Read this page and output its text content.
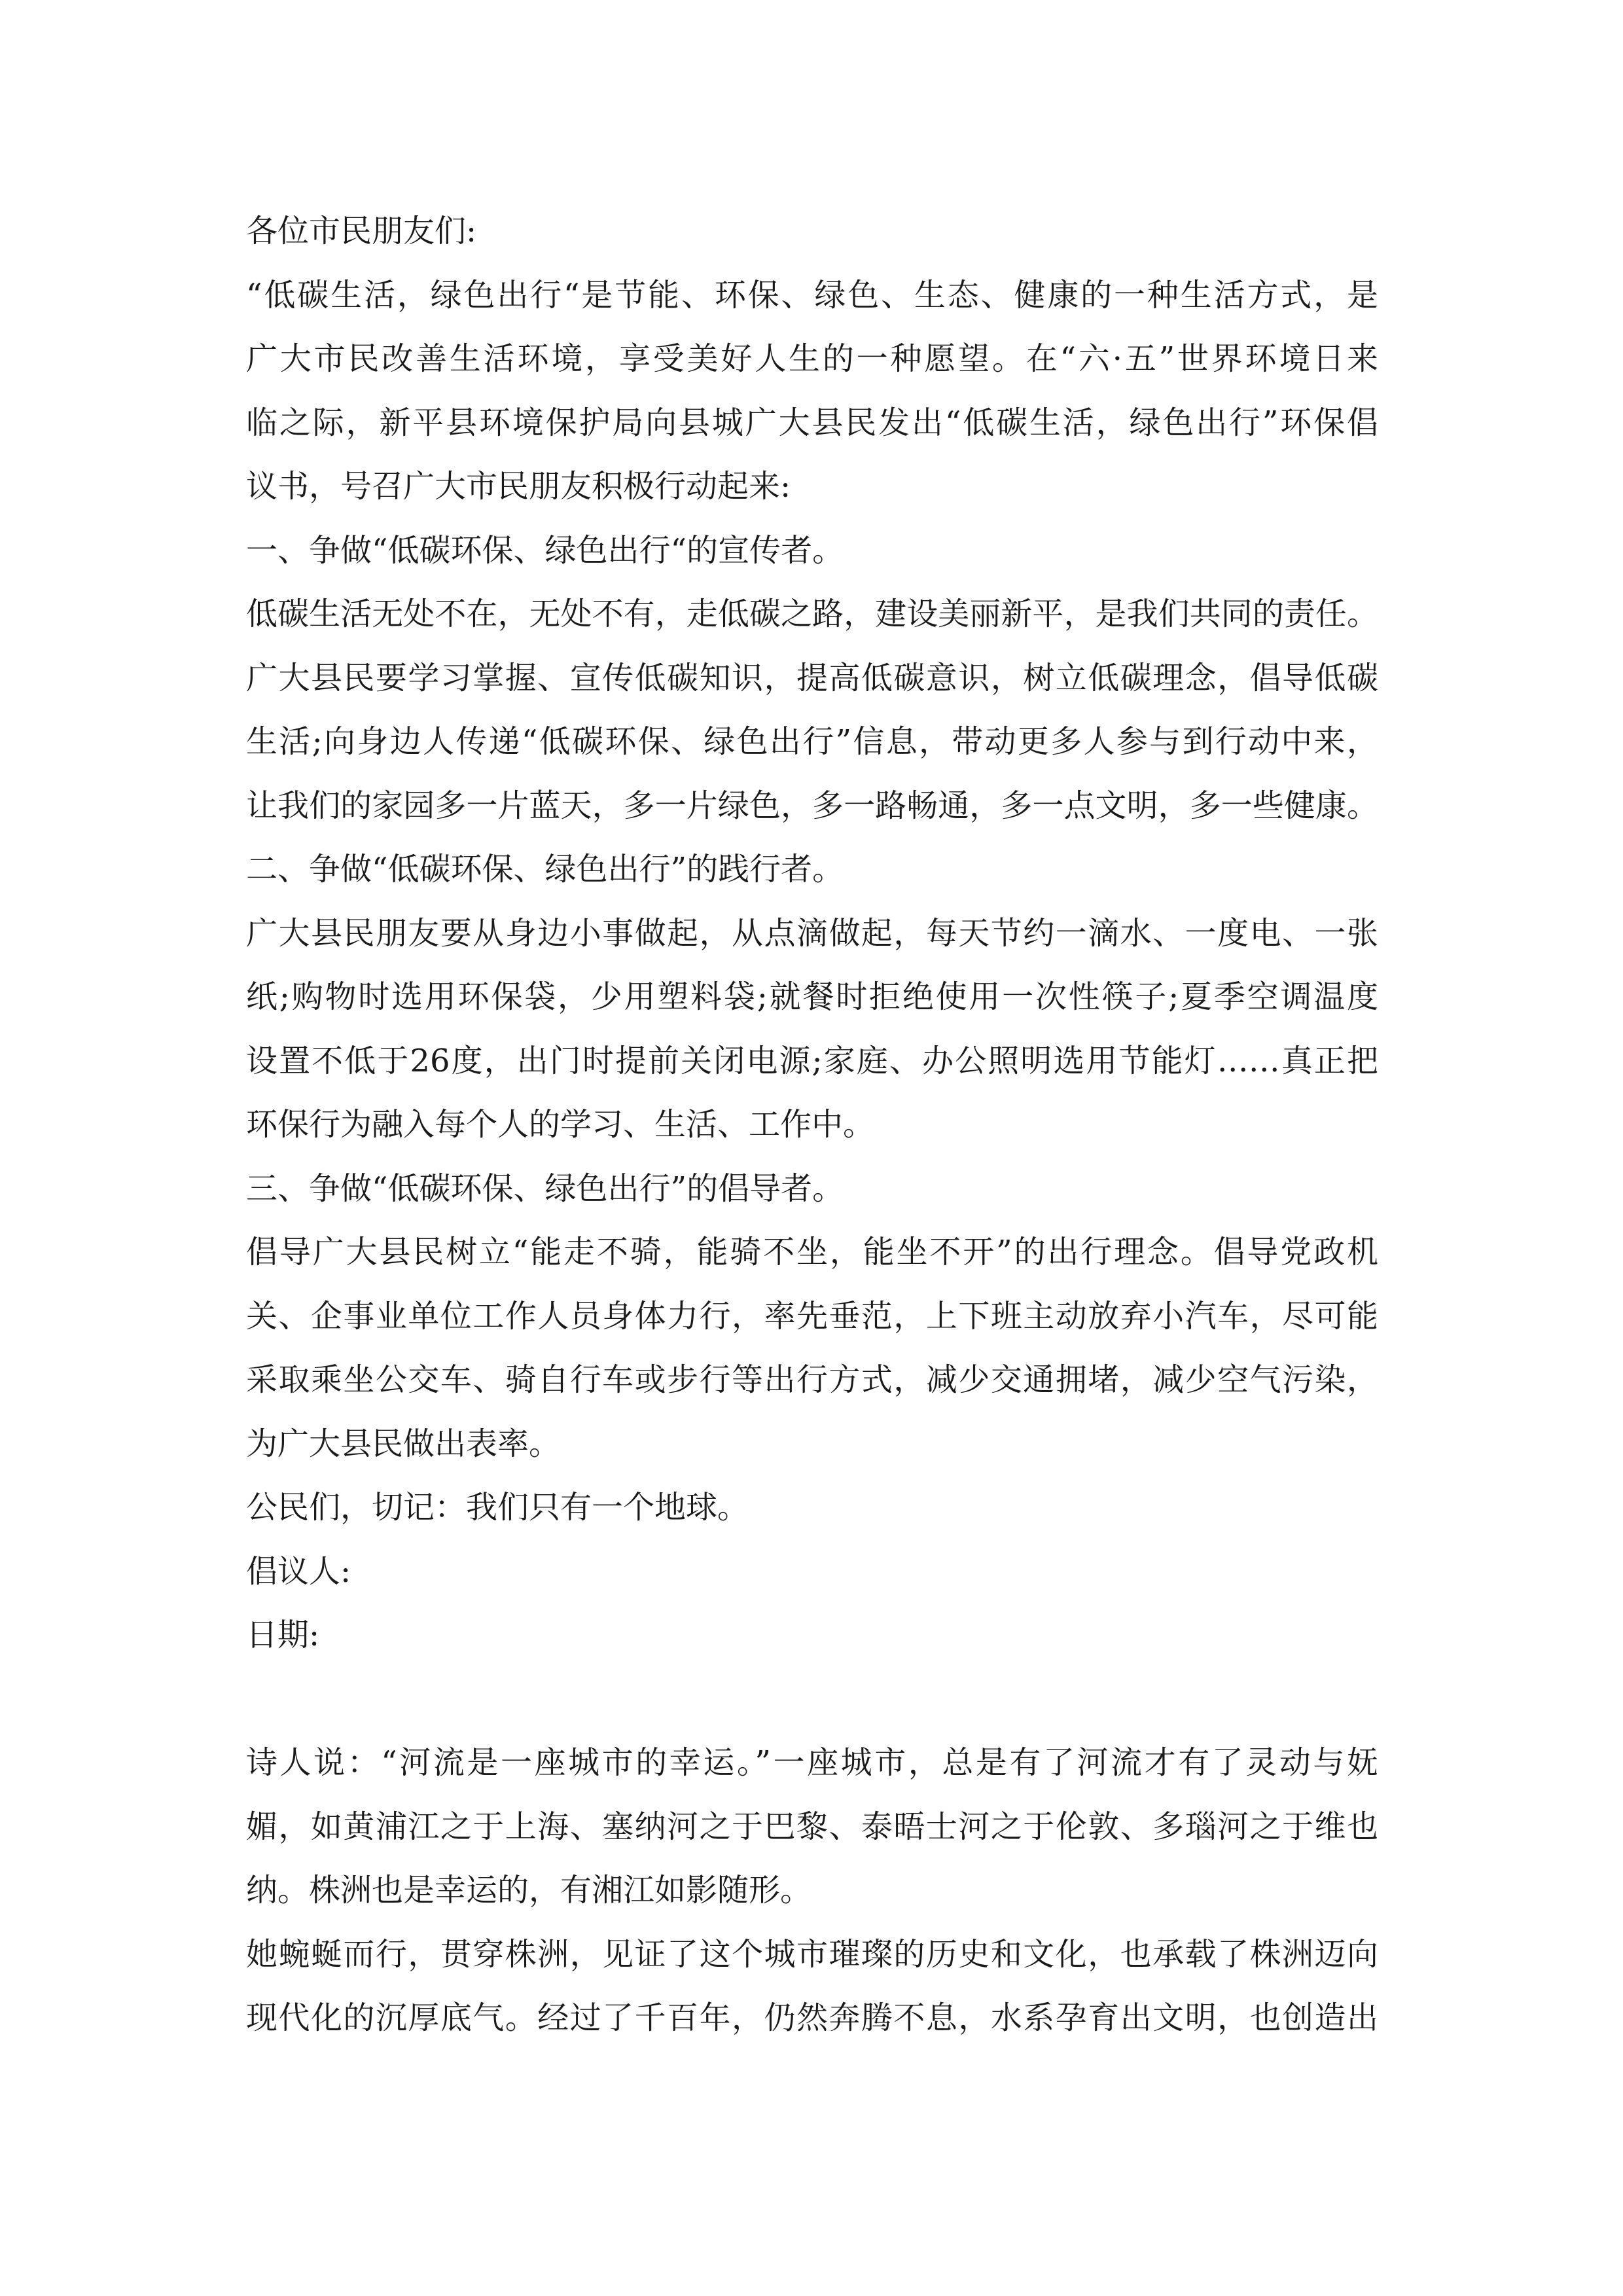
各位市民朋友们:
“低碳生活，绿色出行“是节能、环保、绿色、生态、健康的一种生活方式，是
广大市民改善生活环境，享受美好人生的一种愿望。在“六·五”世界环境日来
临之际，新平县环境保护局向县城广大县民发出“低碳生活，绿色出行”环保倡
议书，号召广大市民朋友积极行动起来:
一、争做“低碳环保、绿色出行“的宣传者。
低碳生活无处不在，无处不有，走低碳之路，建设美丽新平，是我们共同的责任。
广大县民要学习掌握、宣传低碳知识，提高低碳意识，树立低碳理念，倡导低碳
生活;向身边人传递“低碳环保、绿色出行”信息，带动更多人参与到行动中来，
让我们的家园多一片蓝天，多一片绿色，多一路畅通，多一点文明，多一些健康。
二、争做“低碳环保、绿色出行”的践行者。
广大县民朋友要从身边小事做起，从点滴做起，每天节约一滴水、一度电、一张
纸;购物时选用环保袋，少用塑料袋;就餐时拒绝使用一次性筷子;夏季空调温度
设置不低于26度，出门时提前关闭电源;家庭、办公照明选用节能灯……真正把
环保行为融入每个人的学习、生活、工作中。
三、争做“低碳环保、绿色出行”的倡导者。
倡导广大县民树立“能走不骑，能骑不坐，能坐不开”的出行理念。倡导党政机
关、企事业单位工作人员身体力行，率先垂范，上下班主动放弃小汽车，尽可能
采取乘坐公交车、骑自行车或步行等出行方式，减少交通拥堵，减少空气污染，
为广大县民做出表率。
公民们，切记：我们只有一个地球。
倡议人:
日期:
诗人说：“河流是一座城市的幸运。”一座城市，总是有了河流才有了灵动与妩
媚，如黄浦江之于上海、塞纳河之于巴黎、泰晤士河之于伦敦、多瑙河之于维也
纳。株洲也是幸运的，有湘江如影随形。
她蜿蜒而行，贯穿株洲，见证了这个城市璀璨的历史和文化，也承载了株洲迈向
现代化的沉厚底气。经过了千百年，仍然奔腾不息，水系孕育出文明，也创造出
